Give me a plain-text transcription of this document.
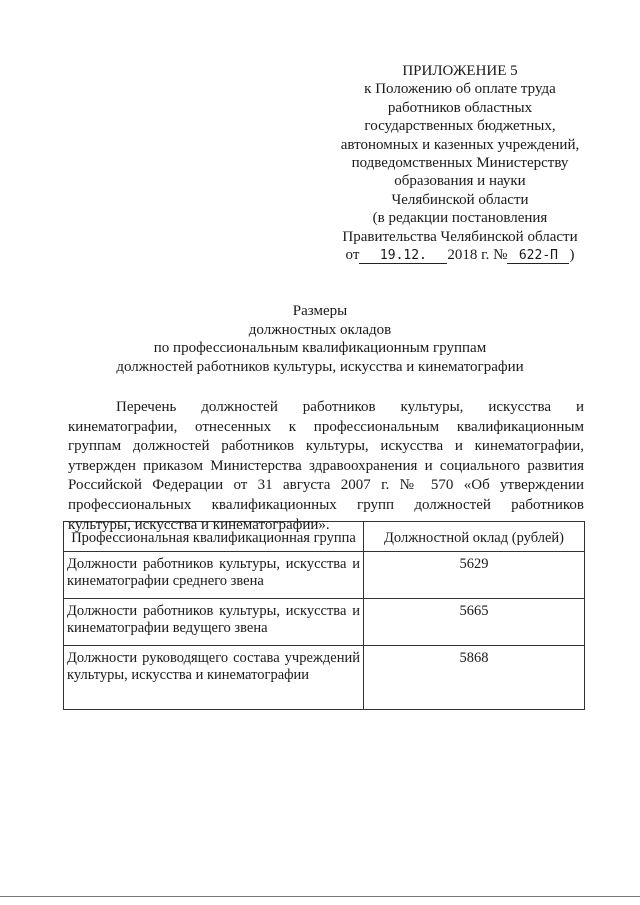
ПРИЛОЖЕНИЕ 5
к Положению об оплате труда
работников областных
государственных бюджетных,
автономных и казенных учреждений,
подведомственных Министерству
образования и науки
Челябинской области
(в редакции постановления
Правительства Челябинской области
от 19.12. 2018 г. № 622-П )
Размеры
должностных окладов
по профессиональным квалификационным группам
должностей работников культуры, искусства и кинематографии

Перечень должностей работников культуры, искусства и кинематографии, отнесенных к профессиональным квалификационным группам должностей работников культуры, искусства и кинематографии, утвержден приказом Министерства здравоохранения и социального развития Российской Федерации от 31 августа 2007 г. № 570 «Об утверждении профессиональных квалификационных групп должностей работников культуры, искусства и кинематографии».

Профессиональная квалификационная группа	Должностной оклад (рублей)
Должности работников культуры, искусства и кинематографии среднего звена	5629
Должности работников культуры, искусства и кинематографии ведущего звена	5665
Должности руководящего состава учреждений культуры, искусства и кинематографии	5868
